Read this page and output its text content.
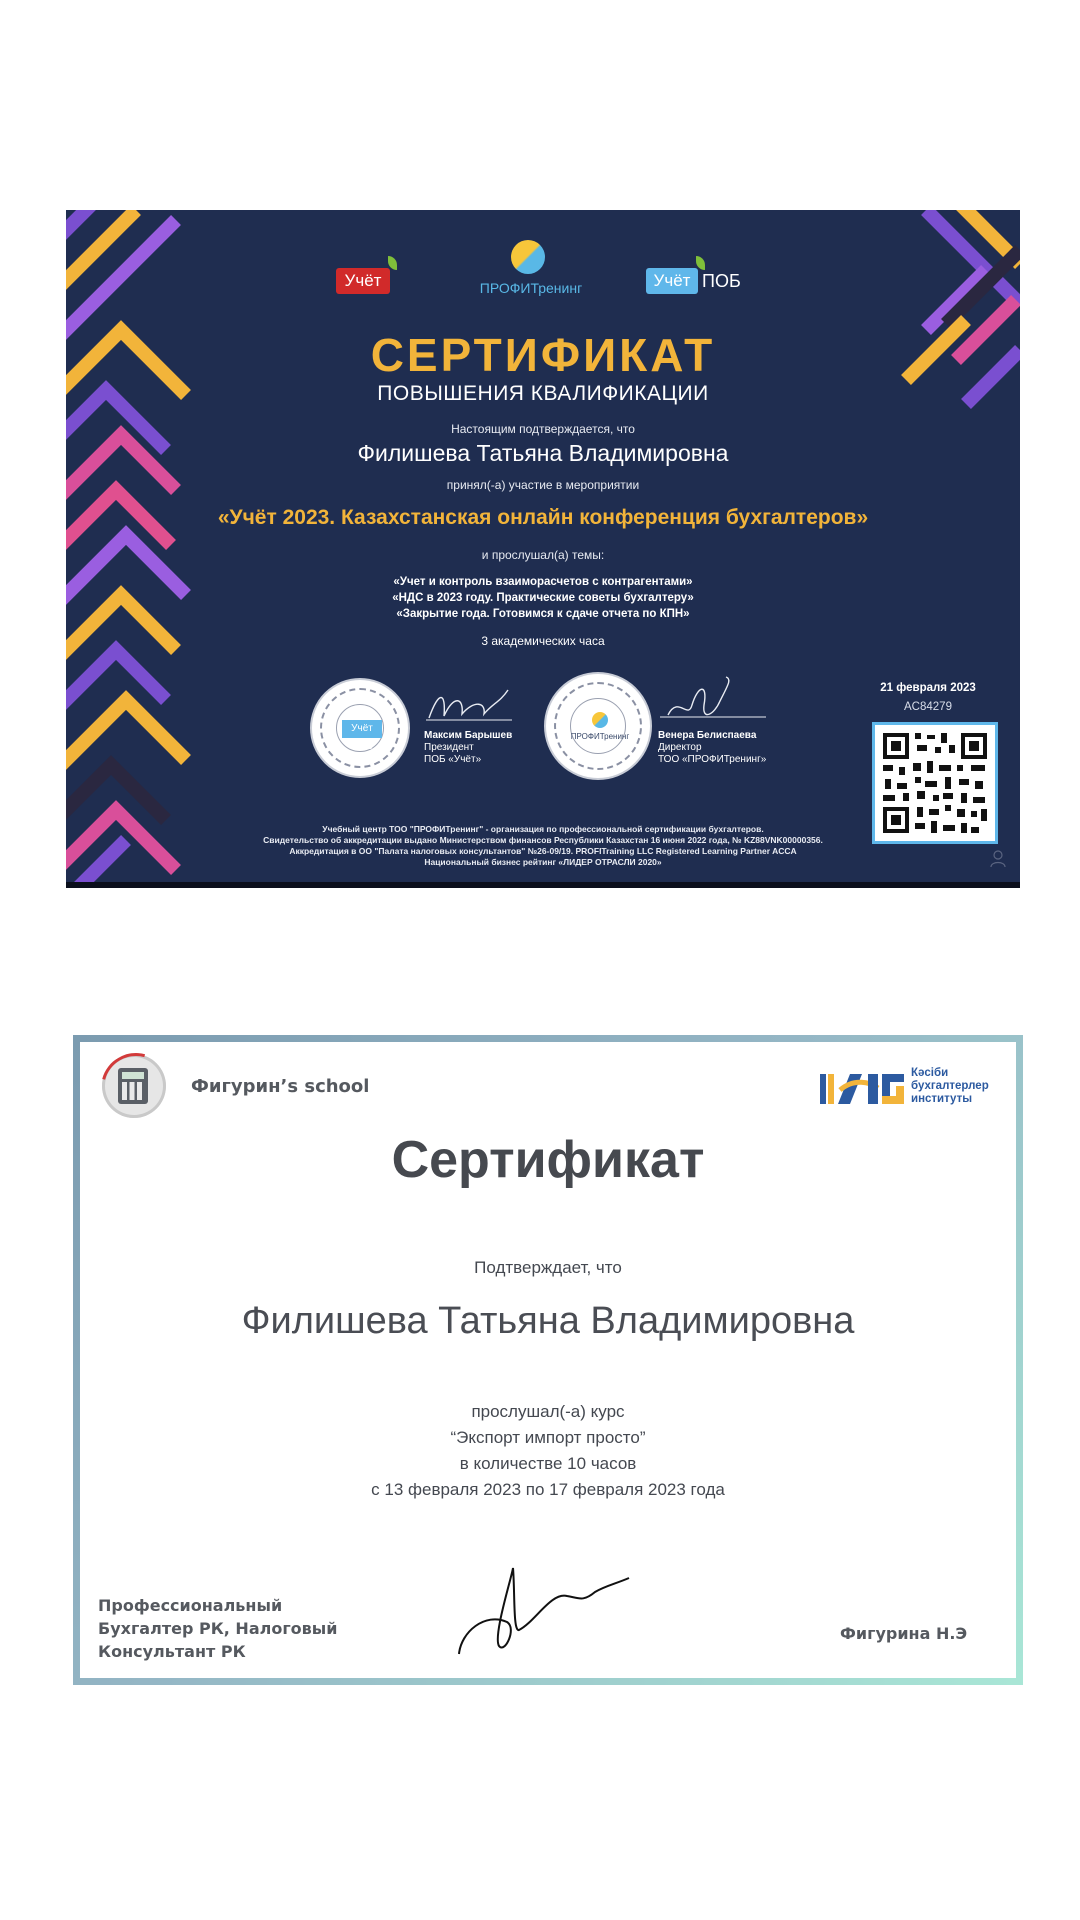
Учёт	ПРОФИТренинг	Учёт ПОБ
СЕРТИФИКАТ
ПОВЫШЕНИЯ КВАЛИФИКАЦИИ
Настоящим подтверждается, что
Филишева Татьяна Владимировна
принял(-а) участие в мероприятии
«Учёт 2023. Казахстанская онлайн конференция бухгалтеров»
и прослушал(а) темы:
«Учет и контроль взаиморасчетов с контрагентами»
«НДС в 2023 году. Практические советы бухгалтеру»
«Закрытие года. Готовимся к сдаче отчета по КПН»
3 академических часа
Учёт ПОБ
Максим Барышев
Президент
ПОБ «Учёт»
ПРОФИТренинг	Венера Белиспаева
Директор
ТОО «ПРОФИТренинг»
21 февраля 2023
AC84279
Учебный центр ТОО "ПРОФИТренинг" - организация по профессиональной сертификации бухгалтеров.
Свидетельство об аккредитации выдано Министерством финансов Республики Казахстан 16 июня 2022 года, № KZ88VNK00000356.
Аккредитация в ОО "Палата налоговых консультантов" №26-09/19. PROFITraining LLC Registered Learning Partner ACCA
Национальный бизнес рейтинг «ЛИДЕР ОТРАСЛИ 2020»
Фигурин’s school
Кәсіби
бухгалтерлер
институты
Сертификат
Подтверждает, что
Филишева Татьяна Владимировна
прослушал(-а) курс
“Экспорт импорт просто”
в количестве 10 часов
с 13 февраля 2023 по 17 февраля 2023 года
Профессиональный
Бухгалтер РК, Налоговый
Консультант РК
Фигурина Н.Э
